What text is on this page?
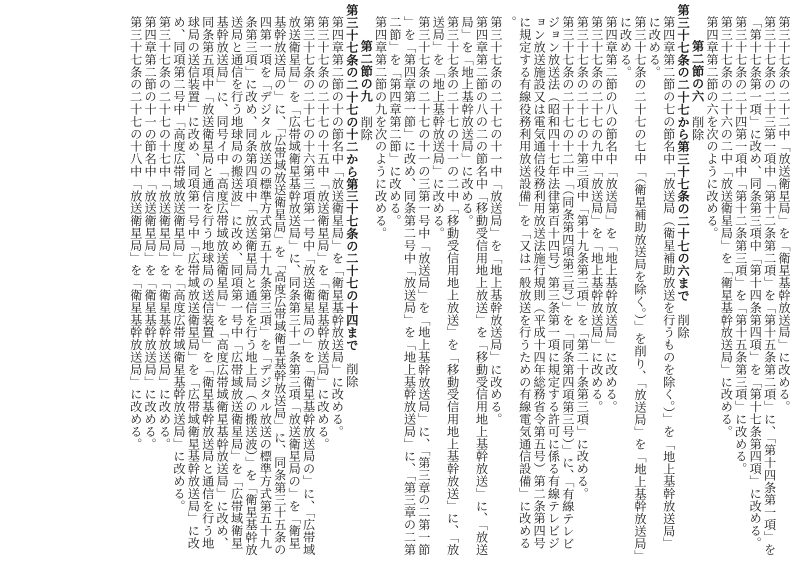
第三十七条の二十二中「放送衛星局」を「衛星基幹放送局」に改める。
第三十七条の二十三第一項中「第十二条第二項」を「第十五条第二項」に、「第十四条第一項」を「第十七条第一項」に改め、同条第三項中「第十四条第四項」を「第十七条第四項」に改める。
第三十七条の二十四第一項中「第十二条第三項」を「第十五条第三項」に改める。
第三十七条の二十六の二中「放送衛星局」を「衛星基幹放送局」に改める。
第四章第二節の六を次のように改める。
第二節の六削除
第三十七条の二十七から第三十七条の二十七の六まで削除
第四章第二節の七の節名中「放送局（衛星補助放送を行うものを除く。）」を「地上基幹放送局」に改める。
第三十七条の二十七の七中「（衛星補助放送局を除く。）」を削り、「放送局」を「地上基幹放送局」に改める。
第四章第二節の八の節名中「放送局」を「地上基幹放送局」に改める。
第三十七条の二十七の九中「放送局」を「地上基幹放送局」に改める。
第三十七条の二十七の十第三項中「第十九条第三項」を「第二十条第三項」に改める。
第三十七条の二十七の十二中「（同条第四項第三号）」を「同条第四項第三号）」に、「有線テレビジョン放送法（昭和四十七年法律第百十四号）第三条第一項に規定する許可に係る有線テレビジョン放送施設又は電気通信役務利用放送法施行規則（平成十四年総務省令第五号）第二条第四号に規定する有線役務利用放送設備」を「又は一般放送を行うための有線電気通信設備」に改める。
第三十七条の二十七の十一中「放送局」を「地上基幹放送局」に改める。
第四章第二節の八の二の節名中「移動受信用地上放送」を「移動受信用地上基幹放送」に、「放送局」を「地上基幹放送局」に改める。
第三十七条の二十七の十一の二中「移動受信用地上放送」を「移動受信用地上基幹放送」に、「放送局」を「地上基幹放送局」に改める。
第三十七条の二十七の十一の三第一号中「放送局」を「地上基幹放送局」に、「第三章の二第一節」を「第四章第一節」に改め、同条第二号中「放送局」を「地上基幹放送局」に、「第三章の二第二節」を「第四章第二節」に改める。
第四章第二節の九を次のように改める。
第二節の九削除
第三十七条の二十七の十二から第三十七条の二十七の十四まで削除
第四章第二節の十の節名中「放送衛星局」を「衛星基幹放送局」に改める。
第三十七条の二十七の十五中「放送衛星局」を「衛星基幹放送局」に改める。
第三十七条の二十七の十六第三項第一号中「放送衛星局の」を「衛星基幹放送局の」に、「広帯域放送衛星局」を「広帯域衛星基幹放送局」に、同条第三十一条第三項「放送衛星局の」を「衛星基幹放送局の」に、「広帯域放送衛星局」を「高度広帯域衛星基幹放送局」に、同条第三十五条の四第一項を「デジタル放送の標準方式第五十九条第三項」を「デジタル放送の標準方式第五十九条第三項」に改め、同条第四項中「放送衛星局と通信を行う地上局（の搬送波）」を「衛星基幹放送局と通信を行う地球局の搬送波」に改め、同項第一号中「広帯域放送衛星局」を「広帯域衛星基幹放送局」に、同号イ中「高度広帯域放送衛星局」を「高度広帯域衛星基幹放送局」に改め、同条第五項中「放送衛星局と通信を行う地球局の送信装置」を「衛星基幹放送局と通信を行う地球局の送信装置」に改め、同項第一号中「広帯域放送衛星局」を「広帯域衛星基幹放送局」に改め、同項第二号中「高度広帯域放送衛星局」を「高度広帯域衛星基幹放送局」に改める。
第三十七条の二十七の十七中「放送衛星局」を「衛星基幹放送局」に改める。
第四章第二節の十一の節名中「放送衛星局」を「衛星基幹放送局」に改める。
第三十七条の二十七の十八中「放送衛星局」を「衛星基幹放送局」に改める。
